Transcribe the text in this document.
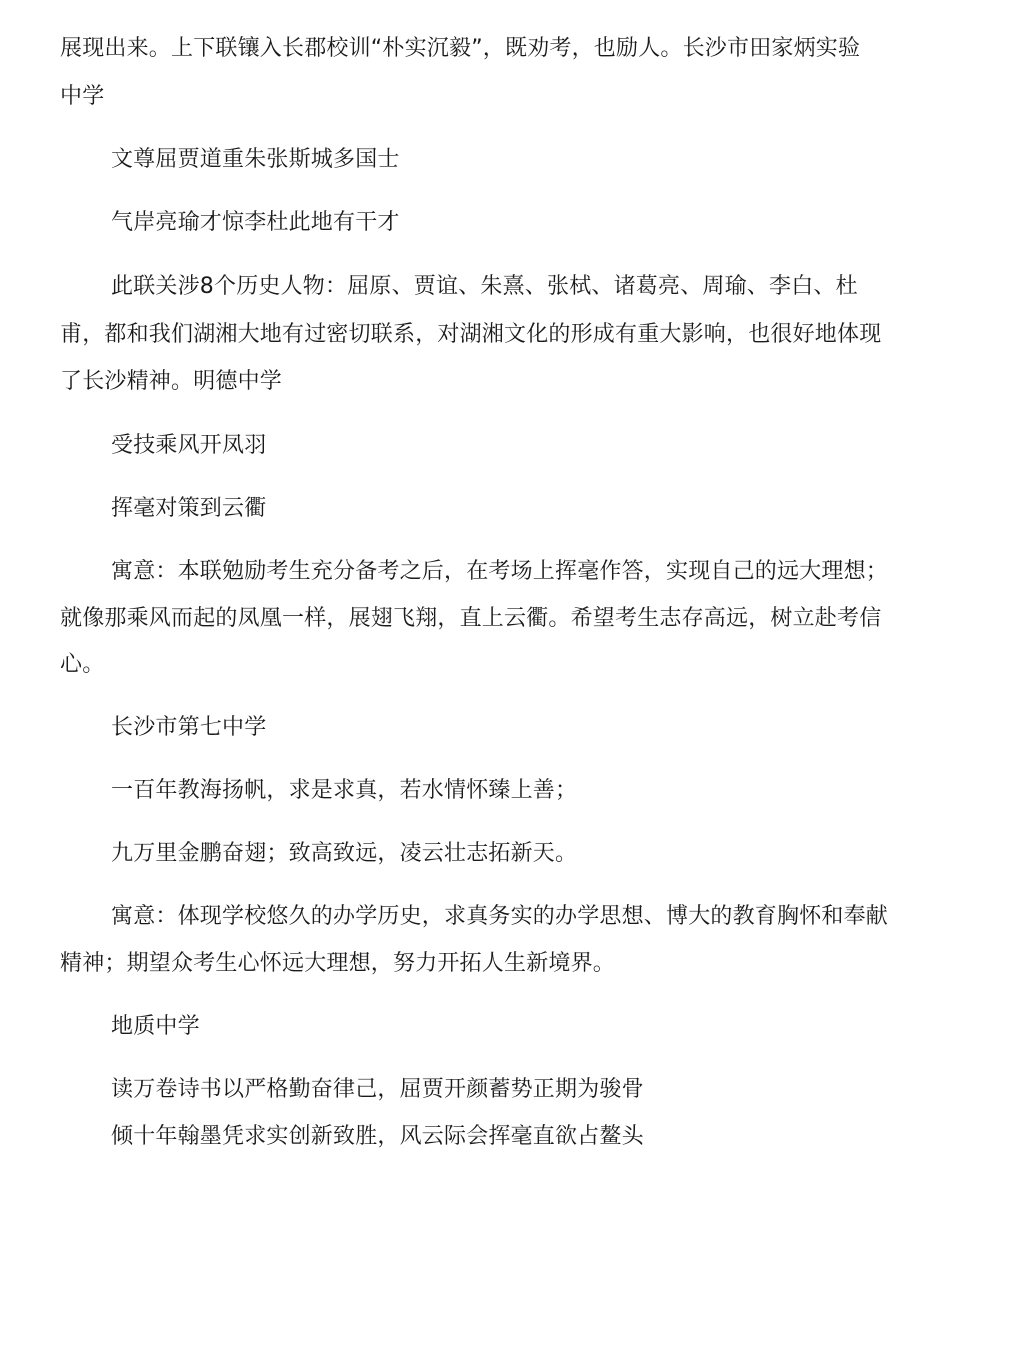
展现出来。上下联镶入长郡校训“朴实沉毅”，既劝考，也励人。长沙市田家炳实验
中学
文尊屈贾道重朱张斯城多国士
气岸亮瑜才惊李杜此地有干才
此联关涉8个历史人物：屈原、贾谊、朱熹、张栻、诸葛亮、周瑜、李白、杜
甫，都和我们湖湘大地有过密切联系，对湖湘文化的形成有重大影响，也很好地体现
了长沙精神。明德中学
受技乘风开凤羽
挥毫对策到云衢
寓意：本联勉励考生充分备考之后，在考场上挥毫作答，实现自己的远大理想；
就像那乘风而起的凤凰一样，展翅飞翔，直上云衢。希望考生志存高远，树立赴考信
心。
长沙市第七中学
一百年教海扬帆，求是求真，若水情怀臻上善；
九万里金鹏奋翅；致高致远，凌云壮志拓新天。
寓意：体现学校悠久的办学历史，求真务实的办学思想、博大的教育胸怀和奉献
精神；期望众考生心怀远大理想，努力开拓人生新境界。
地质中学
读万卷诗书以严格勤奋律己，屈贾开颜蓄势正期为骏骨
倾十年翰墨凭求实创新致胜，风云际会挥毫直欲占鳌头
